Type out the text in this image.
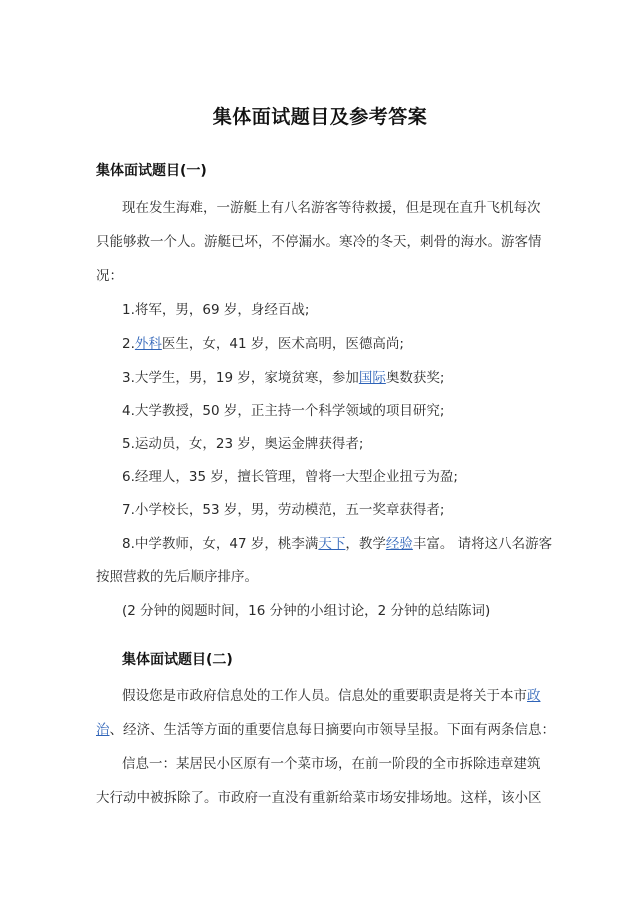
集体面试题目及参考答案
集体面试题目(一)
现在发生海难，一游艇上有八名游客等待救援，但是现在直升飞机每次
只能够救一个人。游艇已坏，不停漏水。寒冷的冬天，刺骨的海水。游客情
况：
1.将军，男，69 岁，身经百战;
2.外科医生，女，41 岁，医术高明，医德高尚;
3.大学生，男，19 岁，家境贫寒，参加国际奥数获奖;
4.大学教授，50 岁，正主持一个科学领域的项目研究;
5.运动员，女，23 岁，奥运金牌获得者;
6.经理人，35 岁，擅长管理，曾将一大型企业扭亏为盈;
7.小学校长，53 岁，男，劳动模范，五一奖章获得者;
8.中学教师，女，47 岁，桃李满天下，教学经验丰富。 请将这八名游客
按照营救的先后顺序排序。
(2 分钟的阅题时间，16 分钟的小组讨论，2 分钟的总结陈词)
集体面试题目(二)
假设您是市政府信息处的工作人员。信息处的重要职责是将关于本市政
治、经济、生活等方面的重要信息每日摘要向市领导呈报。下面有两条信息：
信息一：某居民小区原有一个菜市场，在前一阶段的全市拆除违章建筑
大行动中被拆除了。市政府一直没有重新给菜市场安排场地。这样，该小区
